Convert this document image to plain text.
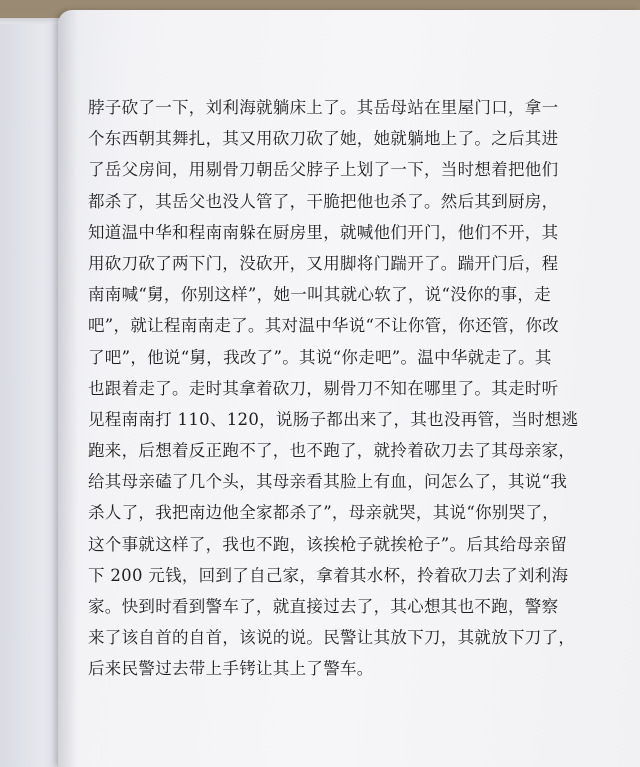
脖子砍了一下，刘利海就躺床上了。其岳母站在里屋门口，拿一
个东西朝其舞扎，其又用砍刀砍了她，她就躺地上了。之后其进
了岳父房间，用剔骨刀朝岳父脖子上划了一下，当时想着把他们
都杀了，其岳父也没人管了，干脆把他也杀了。然后其到厨房，
知道温中华和程南南躲在厨房里，就喊他们开门，他们不开，其
用砍刀砍了两下门，没砍开，又用脚将门踹开了。踹开门后，程
南南喊“舅，你别这样”，她一叫其就心软了，说“没你的事，走
吧”，就让程南南走了。其对温中华说“不让你管，你还管，你改
了吧”，他说“舅，我改了”。其说“你走吧”。温中华就走了。其
也跟着走了。走时其拿着砍刀，剔骨刀不知在哪里了。其走时听
见程南南打 110、120，说肠子都出来了，其也没再管，当时想逃
跑来，后想着反正跑不了，也不跑了，就拎着砍刀去了其母亲家，
给其母亲磕了几个头，其母亲看其脸上有血，问怎么了，其说“我
杀人了，我把南边他全家都杀了”，母亲就哭，其说“你别哭了，
这个事就这样了，我也不跑，该挨枪子就挨枪子”。后其给母亲留
下 200 元钱，回到了自己家，拿着其水杯，拎着砍刀去了刘利海
家。快到时看到警车了，就直接过去了，其心想其也不跑，警察
来了该自首的自首，该说的说。民警让其放下刀，其就放下刀了，
后来民警过去带上手铐让其上了警车。
